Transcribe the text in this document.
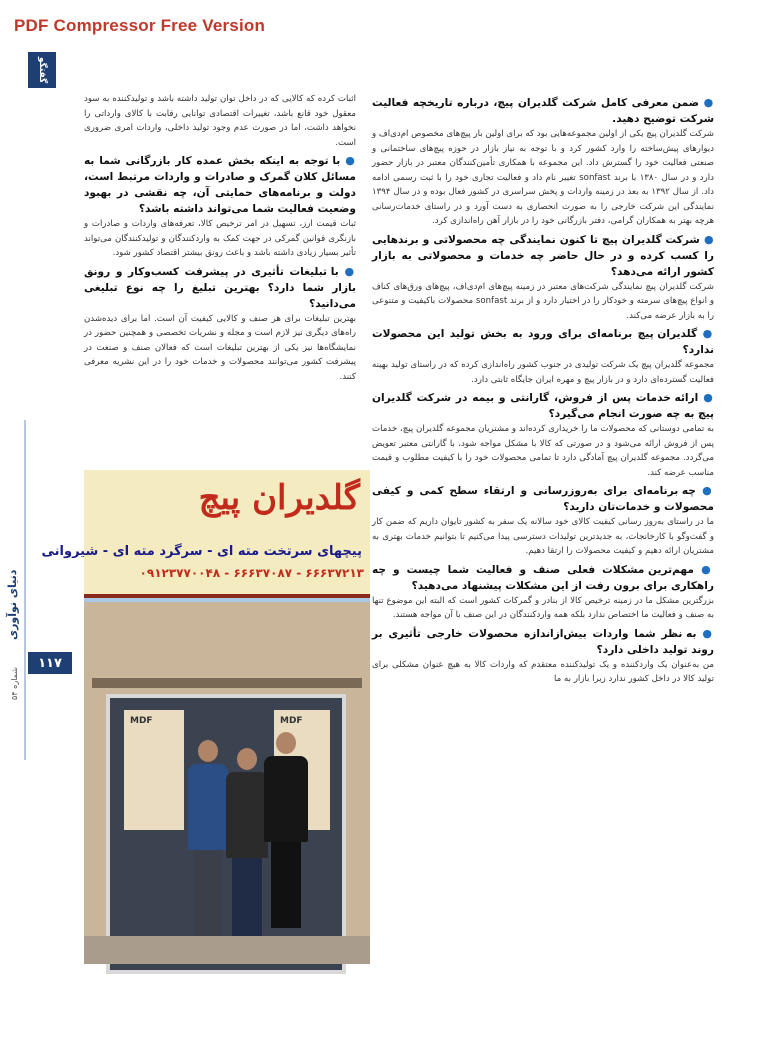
PDF Compressor Free Version
گفتگو
دنیای نوآوری
شماره ۵۴
۱۱۷

● ضمن معرفی کامل شرکت گلدیران پیچ، درباره تاریخچه فعالیت شرکت توضیح دهید.

شرکت گلدیران پیچ یکی از اولین مجموعه‌هایی بود که برای اولین بار پیچ‌های مخصوص ام‌دی‌اف و دیوارهای پیش‌ساخته را وارد کشور کرد و با توجه به نیاز بازار در حوزه پیچ‌های ساختمانی و صنعتی فعالیت خود را گسترش داد. این مجموعه با همکاری تأمین‌کنندگان معتبر در بازار حضور دارد و در سال ۱۳۸۰ با برند sonfast تغییر نام داد و فعالیت تجاری خود را با ثبت رسمی ادامه داد. از سال ۱۳۹۲ به بعد در زمینه واردات و پخش سراسری در کشور فعال بوده و در سال ۱۳۹۴ نمایندگی این شرکت خارجی را به صورت انحصاری به دست آورد و در راستای خدمات‌رسانی هرچه بهتر به همکاران گرامی، دفتر بازرگانی خود را در بازار آهن راه‌اندازی کرد.

● شرکت گلدیران پیچ تا کنون نمایندگی چه محصولاتی و برندهایی را کسب کرده و در حال حاضر چه خدمات و محصولاتی به بازار کشور ارائه می‌دهد؟

شرکت گلدیران پیچ نمایندگی شرکت‌های معتبر در زمینه پیچ‌های ام‌دی‌اف، پیچ‌های ورق‌های کناف و انواع پیچ‌های سرمته و خودکار را در اختیار دارد و از برند sonfast محصولات باکیفیت و متنوعی را به بازار عرضه می‌کند.

● گلدیران پیچ برنامه‌ای برای ورود به بخش تولید این محصولات ندارد؟

مجموعه گلدیران پیچ یک شرکت تولیدی در جنوب کشور راه‌اندازی کرده که در راستای تولید بهینه فعالیت گسترده‌ای دارد و در بازار پیچ و مهره ایران جایگاه ثابتی دارد.

● ارائه خدمات پس از فروش، گارانتی و بیمه در شرکت گلدیران پیچ به چه صورت انجام می‌گیرد؟

به تمامی دوستانی که محصولات ما را خریداری کرده‌اند و مشتریان مجموعه گلدیران پیچ، خدمات پس از فروش ارائه می‌شود و در صورتی که کالا با مشکل مواجه شود، با گارانتی معتبر تعویض می‌گردد. مجموعه گلدیران پیچ آمادگی دارد تا تمامی محصولات خود را با کیفیت مطلوب و قیمت مناسب عرضه کند.

● چه برنامه‌ای برای به‌روزرسانی و ارتقاء سطح کمی و کیفی محصولات و خدمات‌تان دارید؟

ما در راستای به‌روز رسانی کیفیت کالای خود سالانه یک سفر به کشور تایوان داریم که ضمن کار و گفت‌وگو با کارخانجات، به جدیدترین تولیدات دسترسی پیدا می‌کنیم تا بتوانیم خدمات بهتری به مشتریان ارائه دهیم و کیفیت محصولات را ارتقا دهیم.

● مهم‌ترین مشکلات فعلی صنف و فعالیت شما چیست و چه راهکاری برای برون رفت از این مشکلات پیشنهاد می‌دهید؟

بزرگترین مشکل ما در زمینه ترخیص کالا از بنادر و گمرکات کشور است که البته این موضوع تنها به صنف و فعالیت ما اختصاص ندارد بلکه همه واردکنندگان در این صنف با آن مواجه هستند.

● به نظر شما واردات بیش‌ازاندازه محصولات خارجی تأثیری بر روند تولید داخلی دارد؟

من به‌عنوان یک واردکننده و یک تولیدکننده معتقدم که واردات کالا به هیچ عنوان مشکلی برای تولید کالا در داخل کشور ندارد زیرا بازار به ما

اثبات کرده که کالایی که در داخل توان تولید داشته باشد و تولیدکننده به سود معقول خود قانع باشد، تغییرات اقتصادی توانایی رقابت با کالای وارداتی را نخواهد داشت، اما در صورت عدم وجود تولید داخلی، واردات امری ضروری است.

● با توجه به اینکه بخش عمده کار بازرگانی شما به مسائل کلان گمرک و صادرات و واردات مرتبط است، دولت و برنامه‌های حمایتی آن، چه نقشی در بهبود وضعیت فعالیت شما می‌تواند داشته باشد؟

ثبات قیمت ارز، تسهیل در امر ترخیص کالا، تعرفه‌های واردات و صادرات و بازنگری قوانین گمرکی در جهت کمک به واردکنندگان و تولیدکنندگان می‌تواند تأثیر بسیار زیادی داشته باشد و باعث رونق بیشتر اقتصاد کشور شود.

● با تبلیغات تأثیری در پیشرفت کسب‌وکار و رونق بازار شما دارد؟ بهترین تبلیغ را چه نوع تبلیغی می‌دانید؟

بهترین تبلیغات برای هر صنف و کالایی کیفیت آن است. اما برای دیده‌شدن راه‌های دیگری نیز لازم است و مجله و نشریات تخصصی و همچنین حضور در نمایشگاه‌ها نیز یکی از بهترین تبلیغات است که فعالان صنف و صنعت در پیشرفت کشور می‌توانند محصولات و خدمات خود را در این نشریه معرفی کنند.

گلدیران پیچ
پیچهای سرتخت مته ای - سرگرد مته ای - شیروانی
۶۶۶۳۷۲۱۳ - ۶۶۶۳۷۰۸۷ - ۰۹۱۲۳۷۷۰۰۴۸
MDF	MDF
